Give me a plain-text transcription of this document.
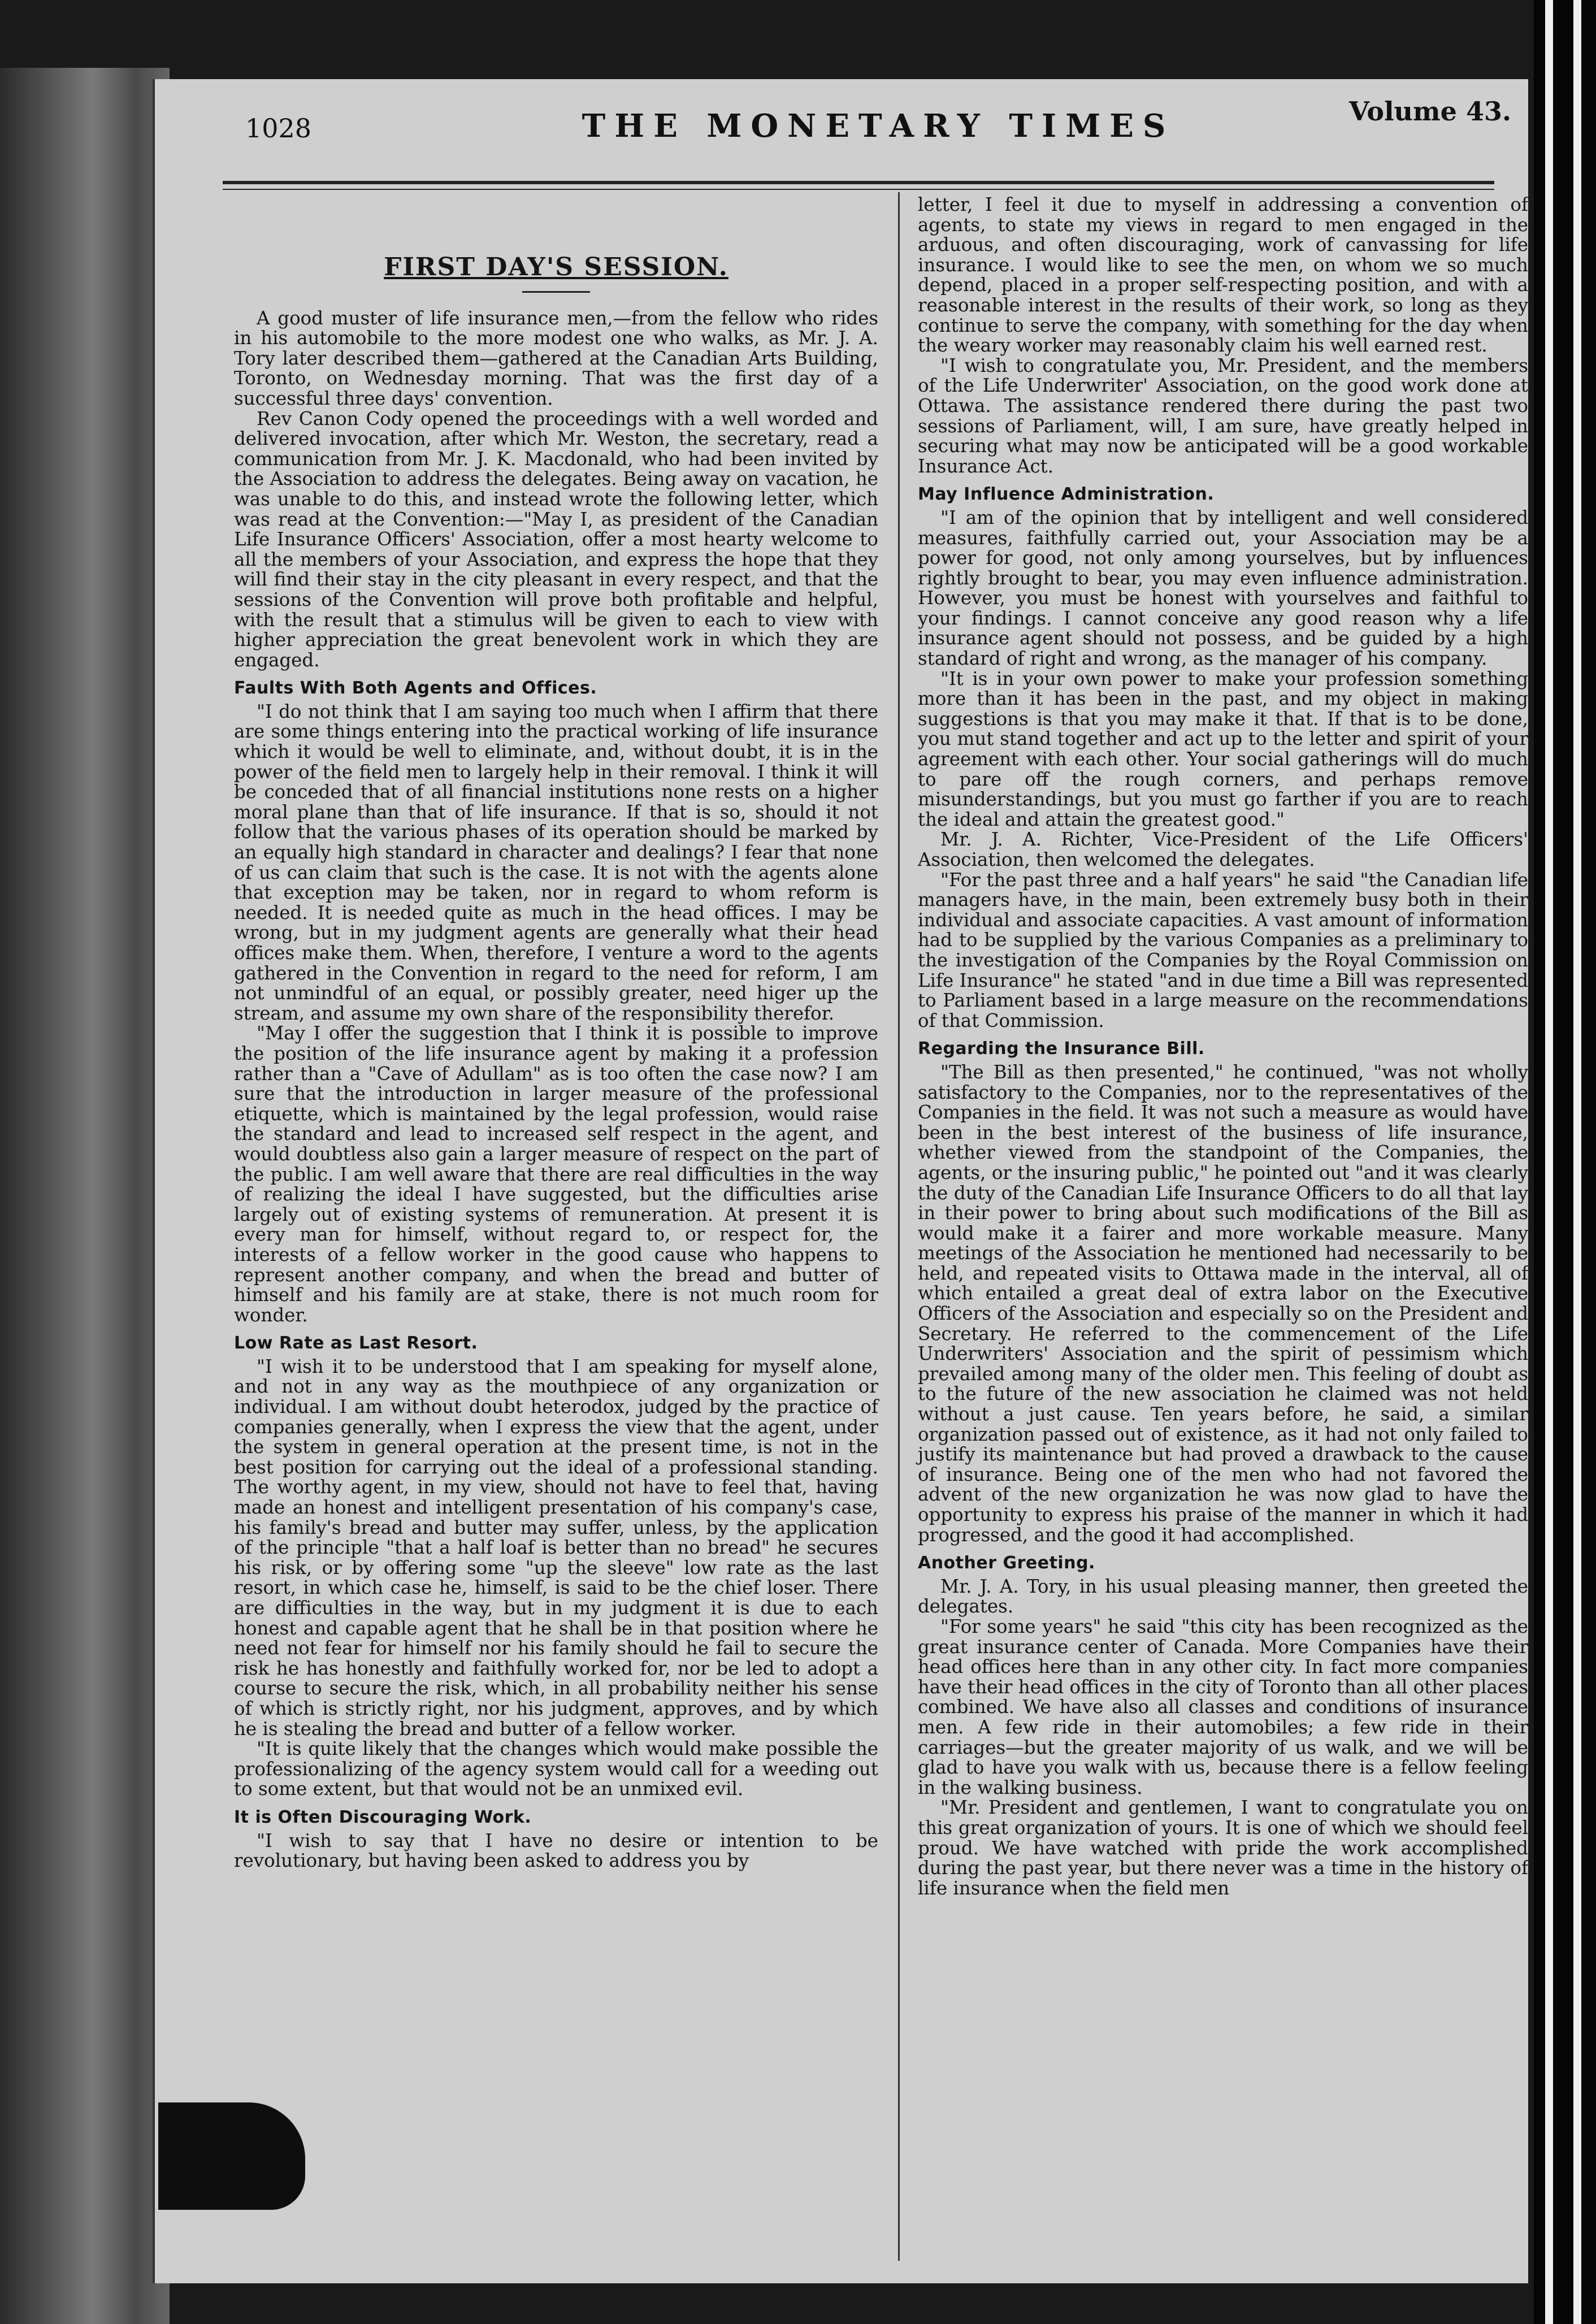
1028	THE MONETARY TIMES	Volume 43.
FIRST DAY'S SESSION.

A good muster of life insurance men,—from the fellow who rides in his automobile to the more modest one who walks, as Mr. J. A. Tory later described them—gathered at the Canadian Arts Building, Toronto, on Wednesday morning. That was the first day of a successful three days' convention.

Rev Canon Cody opened the proceedings with a well worded and delivered invocation, after which Mr. Weston, the secretary, read a communication from Mr. J. K. Macdonald, who had been invited by the Association to address the delegates. Being away on vacation, he was unable to do this, and instead wrote the following letter, which was read at the Convention:—"May I, as president of the Canadian Life Insurance Officers' Association, offer a most hearty welcome to all the members of your Association, and express the hope that they will find their stay in the city pleasant in every respect, and that the sessions of the Convention will prove both profitable and helpful, with the result that a stimulus will be given to each to view with higher appreciation the great benevolent work in which they are engaged.

Faults With Both Agents and Offices.

"I do not think that I am saying too much when I affirm that there are some things entering into the practical working of life insurance which it would be well to eliminate, and, without doubt, it is in the power of the field men to largely help in their removal. I think it will be conceded that of all financial institutions none rests on a higher moral plane than that of life insurance. If that is so, should it not follow that the various phases of its operation should be marked by an equally high standard in character and dealings? I fear that none of us can claim that such is the case. It is not with the agents alone that exception may be taken, nor in regard to whom reform is needed. It is needed quite as much in the head offices. I may be wrong, but in my judgment agents are generally what their head offices make them. When, therefore, I venture a word to the agents gathered in the Convention in regard to the need for reform, I am not unmindful of an equal, or possibly greater, need higer up the stream, and assume my own share of the responsibility therefor.

"May I offer the suggestion that I think it is possible to improve the position of the life insurance agent by making it a profession rather than a "Cave of Adullam" as is too often the case now? I am sure that the introduction in larger measure of the professional etiquette, which is maintained by the legal profession, would raise the standard and lead to increased self respect in the agent, and would doubtless also gain a larger measure of respect on the part of the public. I am well aware that there are real difficulties in the way of realizing the ideal I have suggested, but the difficulties arise largely out of existing systems of remuneration. At present it is every man for himself, without regard to, or respect for, the interests of a fellow worker in the good cause who happens to represent another company, and when the bread and butter of himself and his family are at stake, there is not much room for wonder.

Low Rate as Last Resort.

"I wish it to be understood that I am speaking for myself alone, and not in any way as the mouthpiece of any organization or individual. I am without doubt heterodox, judged by the practice of companies generally, when I express the view that the agent, under the system in general operation at the present time, is not in the best position for carrying out the ideal of a professional standing. The worthy agent, in my view, should not have to feel that, having made an honest and intelligent presentation of his company's case, his family's bread and butter may suffer, unless, by the application of the principle "that a half loaf is better than no bread" he secures his risk, or by offering some "up the sleeve" low rate as the last resort, in which case he, himself, is said to be the chief loser. There are difficulties in the way, but in my judgment it is due to each honest and capable agent that he shall be in that position where he need not fear for himself nor his family should he fail to secure the risk he has honestly and faithfully worked for, nor be led to adopt a course to secure the risk, which, in all probability neither his sense of which is strictly right, nor his judgment, approves, and by which he is stealing the bread and butter of a fellow worker.

"It is quite likely that the changes which would make possible the professionalizing of the agency system would call for a weeding out to some extent, but that would not be an unmixed evil.

It is Often Discouraging Work.

"I wish to say that I have no desire or intention to be revolutionary, but having been asked to address you by

letter, I feel it due to myself in addressing a convention of agents, to state my views in regard to men engaged in the arduous, and often discouraging, work of canvassing for life insurance. I would like to see the men, on whom we so much depend, placed in a proper self-respecting position, and with a reasonable interest in the results of their work, so long as they continue to serve the company, with something for the day when the weary worker may reasonably claim his well earned rest.

"I wish to congratulate you, Mr. President, and the members of the Life Underwriter' Association, on the good work done at Ottawa. The assistance rendered there during the past two sessions of Parliament, will, I am sure, have greatly helped in securing what may now be anticipated will be a good workable Insurance Act.

May Influence Administration.

"I am of the opinion that by intelligent and well considered measures, faithfully carried out, your Association may be a power for good, not only among yourselves, but by influences rightly brought to bear, you may even influence administration. However, you must be honest with yourselves and faithful to your findings. I cannot conceive any good reason why a life insurance agent should not possess, and be guided by a high standard of right and wrong, as the manager of his company.

"It is in your own power to make your profession something more than it has been in the past, and my object in making suggestions is that you may make it that. If that is to be done, you mut stand together and act up to the letter and spirit of your agreement with each other. Your social gatherings will do much to pare off the rough corners, and perhaps remove misunderstandings, but you must go farther if you are to reach the ideal and attain the greatest good."

Mr. J. A. Richter, Vice-President of the Life Officers' Association, then welcomed the delegates.

"For the past three and a half years" he said "the Canadian life managers have, in the main, been extremely busy both in their individual and associate capacities. A vast amount of information had to be supplied by the various Companies as a preliminary to the investigation of the Companies by the Royal Commission on Life Insurance" he stated "and in due time a Bill was represented to Parliament based in a large measure on the recommendations of that Commission.

Regarding the Insurance Bill.

"The Bill as then presented," he continued, "was not wholly satisfactory to the Companies, nor to the representatives of the Companies in the field. It was not such a measure as would have been in the best interest of the business of life insurance, whether viewed from the standpoint of the Companies, the agents, or the insuring public," he pointed out "and it was clearly the duty of the Canadian Life Insurance Officers to do all that lay in their power to bring about such modifications of the Bill as would make it a fairer and more workable measure. Many meetings of the Association he mentioned had necessarily to be held, and repeated visits to Ottawa made in the interval, all of which entailed a great deal of extra labor on the Executive Officers of the Association and especially so on the President and Secretary. He referred to the commencement of the Life Underwriters' Association and the spirit of pessimism which prevailed among many of the older men. This feeling of doubt as to the future of the new association he claimed was not held without a just cause. Ten years before, he said, a similar organization passed out of existence, as it had not only failed to justify its maintenance but had proved a drawback to the cause of insurance. Being one of the men who had not favored the advent of the new organization he was now glad to have the opportunity to express his praise of the manner in which it had progressed, and the good it had accomplished.

Another Greeting.

Mr. J. A. Tory, in his usual pleasing manner, then greeted the delegates.

"For some years" he said "this city has been recognized as the great insurance center of Canada. More Companies have their head offices here than in any other city. In fact more companies have their head offices in the city of Toronto than all other places combined. We have also all classes and conditions of insurance men. A few ride in their automobiles; a few ride in their carriages—but the greater majority of us walk, and we will be glad to have you walk with us, because there is a fellow feeling in the walking business.

"Mr. President and gentlemen, I want to congratulate you on this great organization of yours. It is one of which we should feel proud. We have watched with pride the work accomplished during the past year, but there never was a time in the history of life insurance when the field men
